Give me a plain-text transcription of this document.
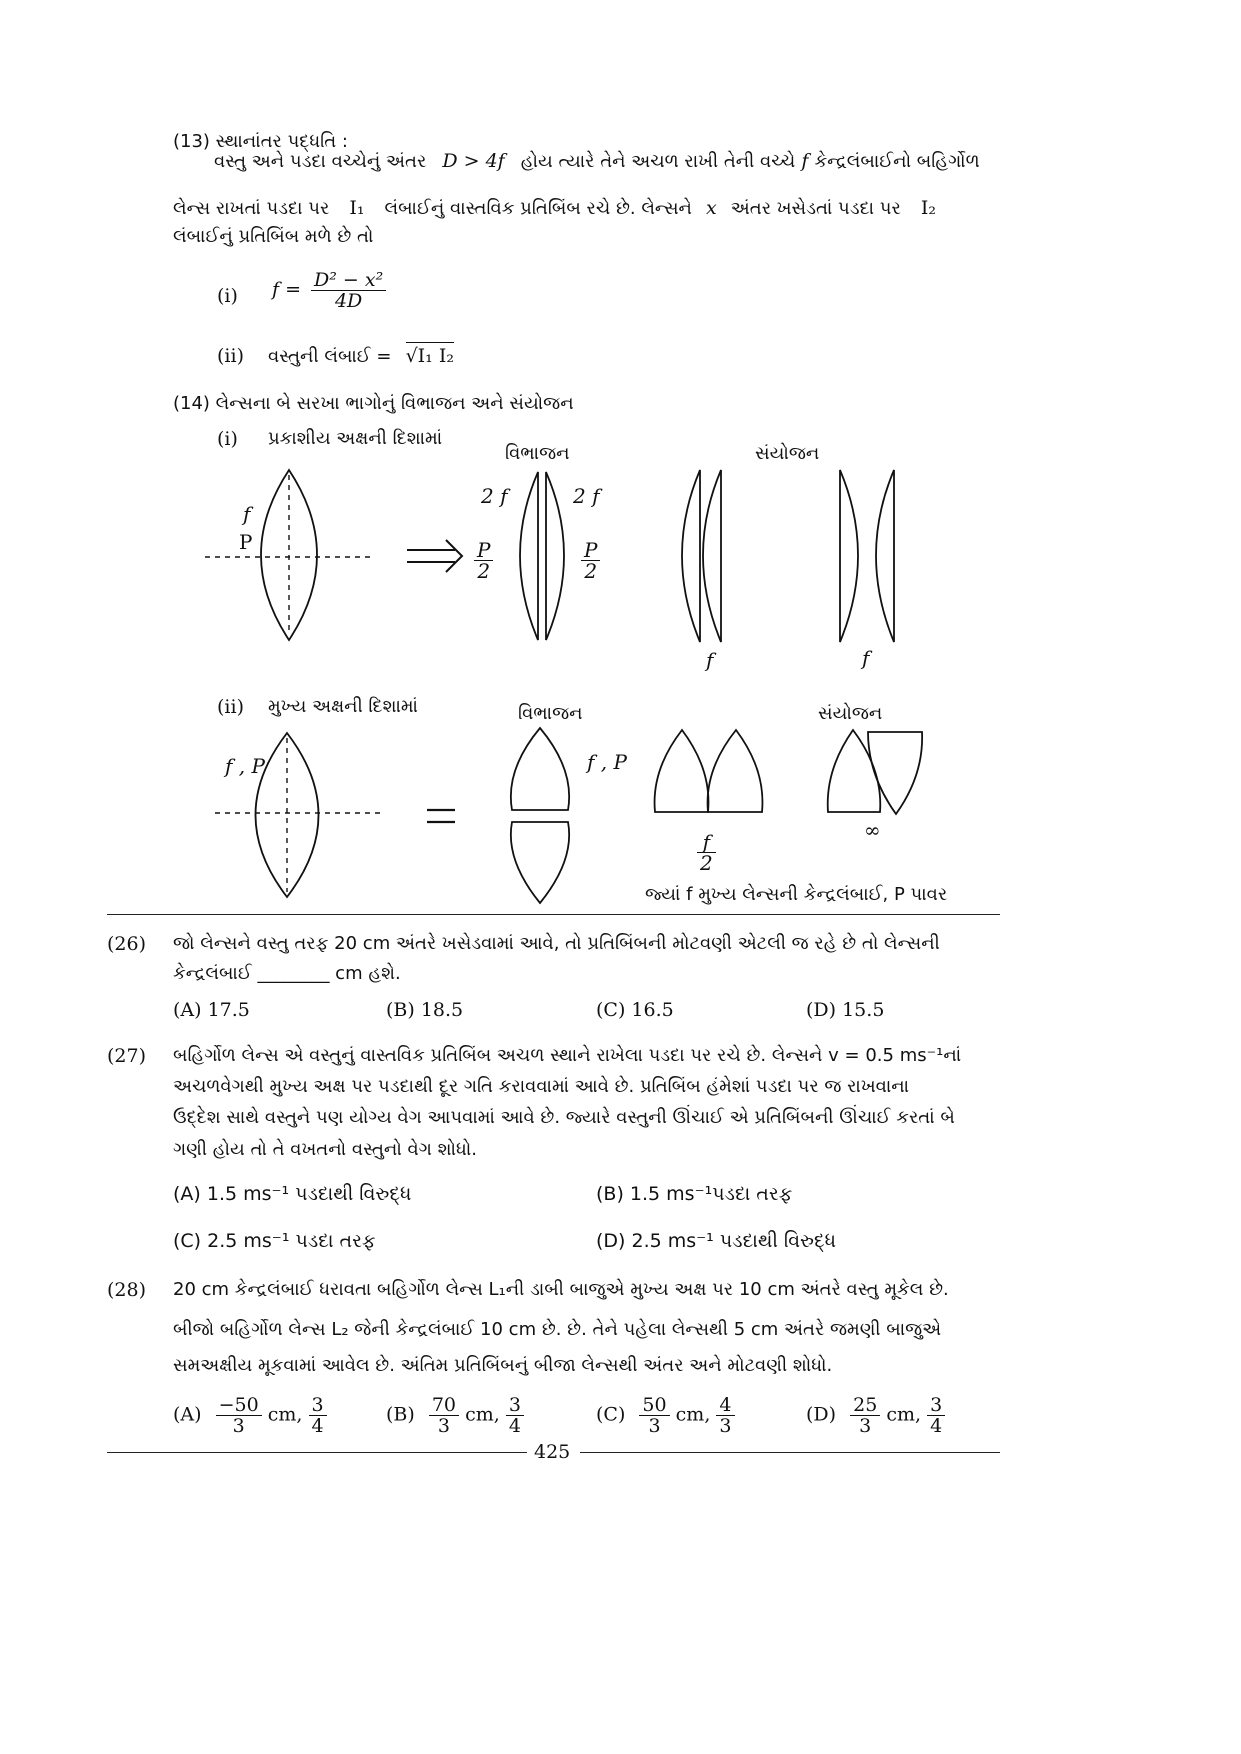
(13) સ્થાનાંતર પદ્ધતિ :
વસ્તુ અને પડદા વચ્ચેનું અંતર D > 4f હોય ત્યારે તેને અચળ રાખી તેની વચ્ચે f કેન્દ્રલંબાઈનો બહિર્ગોળ
લેન્સ રાખતાં પડદા પર I₁ લંબાઈનું વાસ્તવિક પ્રતિબિંબ રચે છે. લેન્સને x અંતર ખસેડતાં પડદા પર I₂
લંબાઈનું પ્રતિબિંબ મળે છે તો
(i) $f = \frac{\text{D² − x²}}{4D}$
(ii) વસ્તુની લંબાઈ = √I₁ I₂
(14) લેન્સના બે સરખા ભાગોનું વિભાજન અને સંયોજન
(i) પ્રકાશીય અક્ષની દિશામાં
વિભાજન	સંયોજન
f
P
2 f	2 f
$\frac{P}{2}$	$\frac{P}{2}$
f	f
(ii) મુખ્ય અક્ષની દિશામાં	વિભાજન	સંયોજન
f , P	f , P
$\frac{f}{2}$
∞
જ્યાં f મુખ્ય લેન્સની કેન્દ્રલંબાઈ, P પાવર
(26) જો લેન્સને વસ્તુ તરફ 20 cm અંતરે ખસેડવામાં આવે, તો પ્રતિબિંબની મોટવણી એટલી જ રહે છે તો લેન્સની
કેન્દ્રલંબાઈ ________ cm હશે.
(A) 17.5	(B) 18.5	(C) 16.5	(D) 15.5
(27) બહિર્ગોળ લેન્સ એ વસ્તુનું વાસ્તવિક પ્રતિબિંબ અચળ સ્થાને રાખેલા પડદા પર રચે છે. લેન્સને v = 0.5 ms⁻¹નાં
અચળવેગથી મુખ્ય અક્ષ પર પડદાથી દૂર ગતિ કરાવવામાં આવે છે. પ્રતિબિંબ હંમેશાં પડદા પર જ રાખવાના
ઉદ્દેશ સાથે વસ્તુને પણ યોગ્ય વેગ આપવામાં આવે છે. જ્યારે વસ્તુની ઊંચાઈ એ પ્રતિબિંબની ઊંચાઈ કરતાં બે
ગણી હોય તો તે વખતનો વસ્તુનો વેગ શોધો.
(A) 1.5 ms⁻¹ પડદાથી વિરુદ્ધ	(B) 1.5 ms⁻¹પડદા તરફ
(C) 2.5 ms⁻¹ પડદા તરફ	(D) 2.5 ms⁻¹ પડદાથી વિરુદ્ધ
(28) 20 cm કેન્દ્રલંબાઈ ધરાવતા બહિર્ગોળ લેન્સ L₁ની ડાબી બાજુએ મુખ્ય અક્ષ પર 10 cm અંતરે વસ્તુ મૂકેલ છે.
બીજો બહિર્ગોળ લેન્સ L₂ જેની કેન્દ્રલંબાઈ 10 cm છે. છે. તેને પહેલા લેન્સથી 5 cm અંતરે જમણી બાજુએ
સમઅક્ષીય મૂકવામાં આવેલ છે. અંતિમ પ્રતિબિંબનું બીજા લેન્સથી અંતર અને મોટવણી શોધો.
$(A) \frac{-50}{3}$ cm, $\frac{3}{4}$	$(B) \frac{70}{3}$ cm, $\frac{3}{4}$	$(C) \frac{50}{3}$ cm, $\frac{4}{3}$	$(D) \frac{25}{3}$ cm, $\frac{3}{4}$
425
